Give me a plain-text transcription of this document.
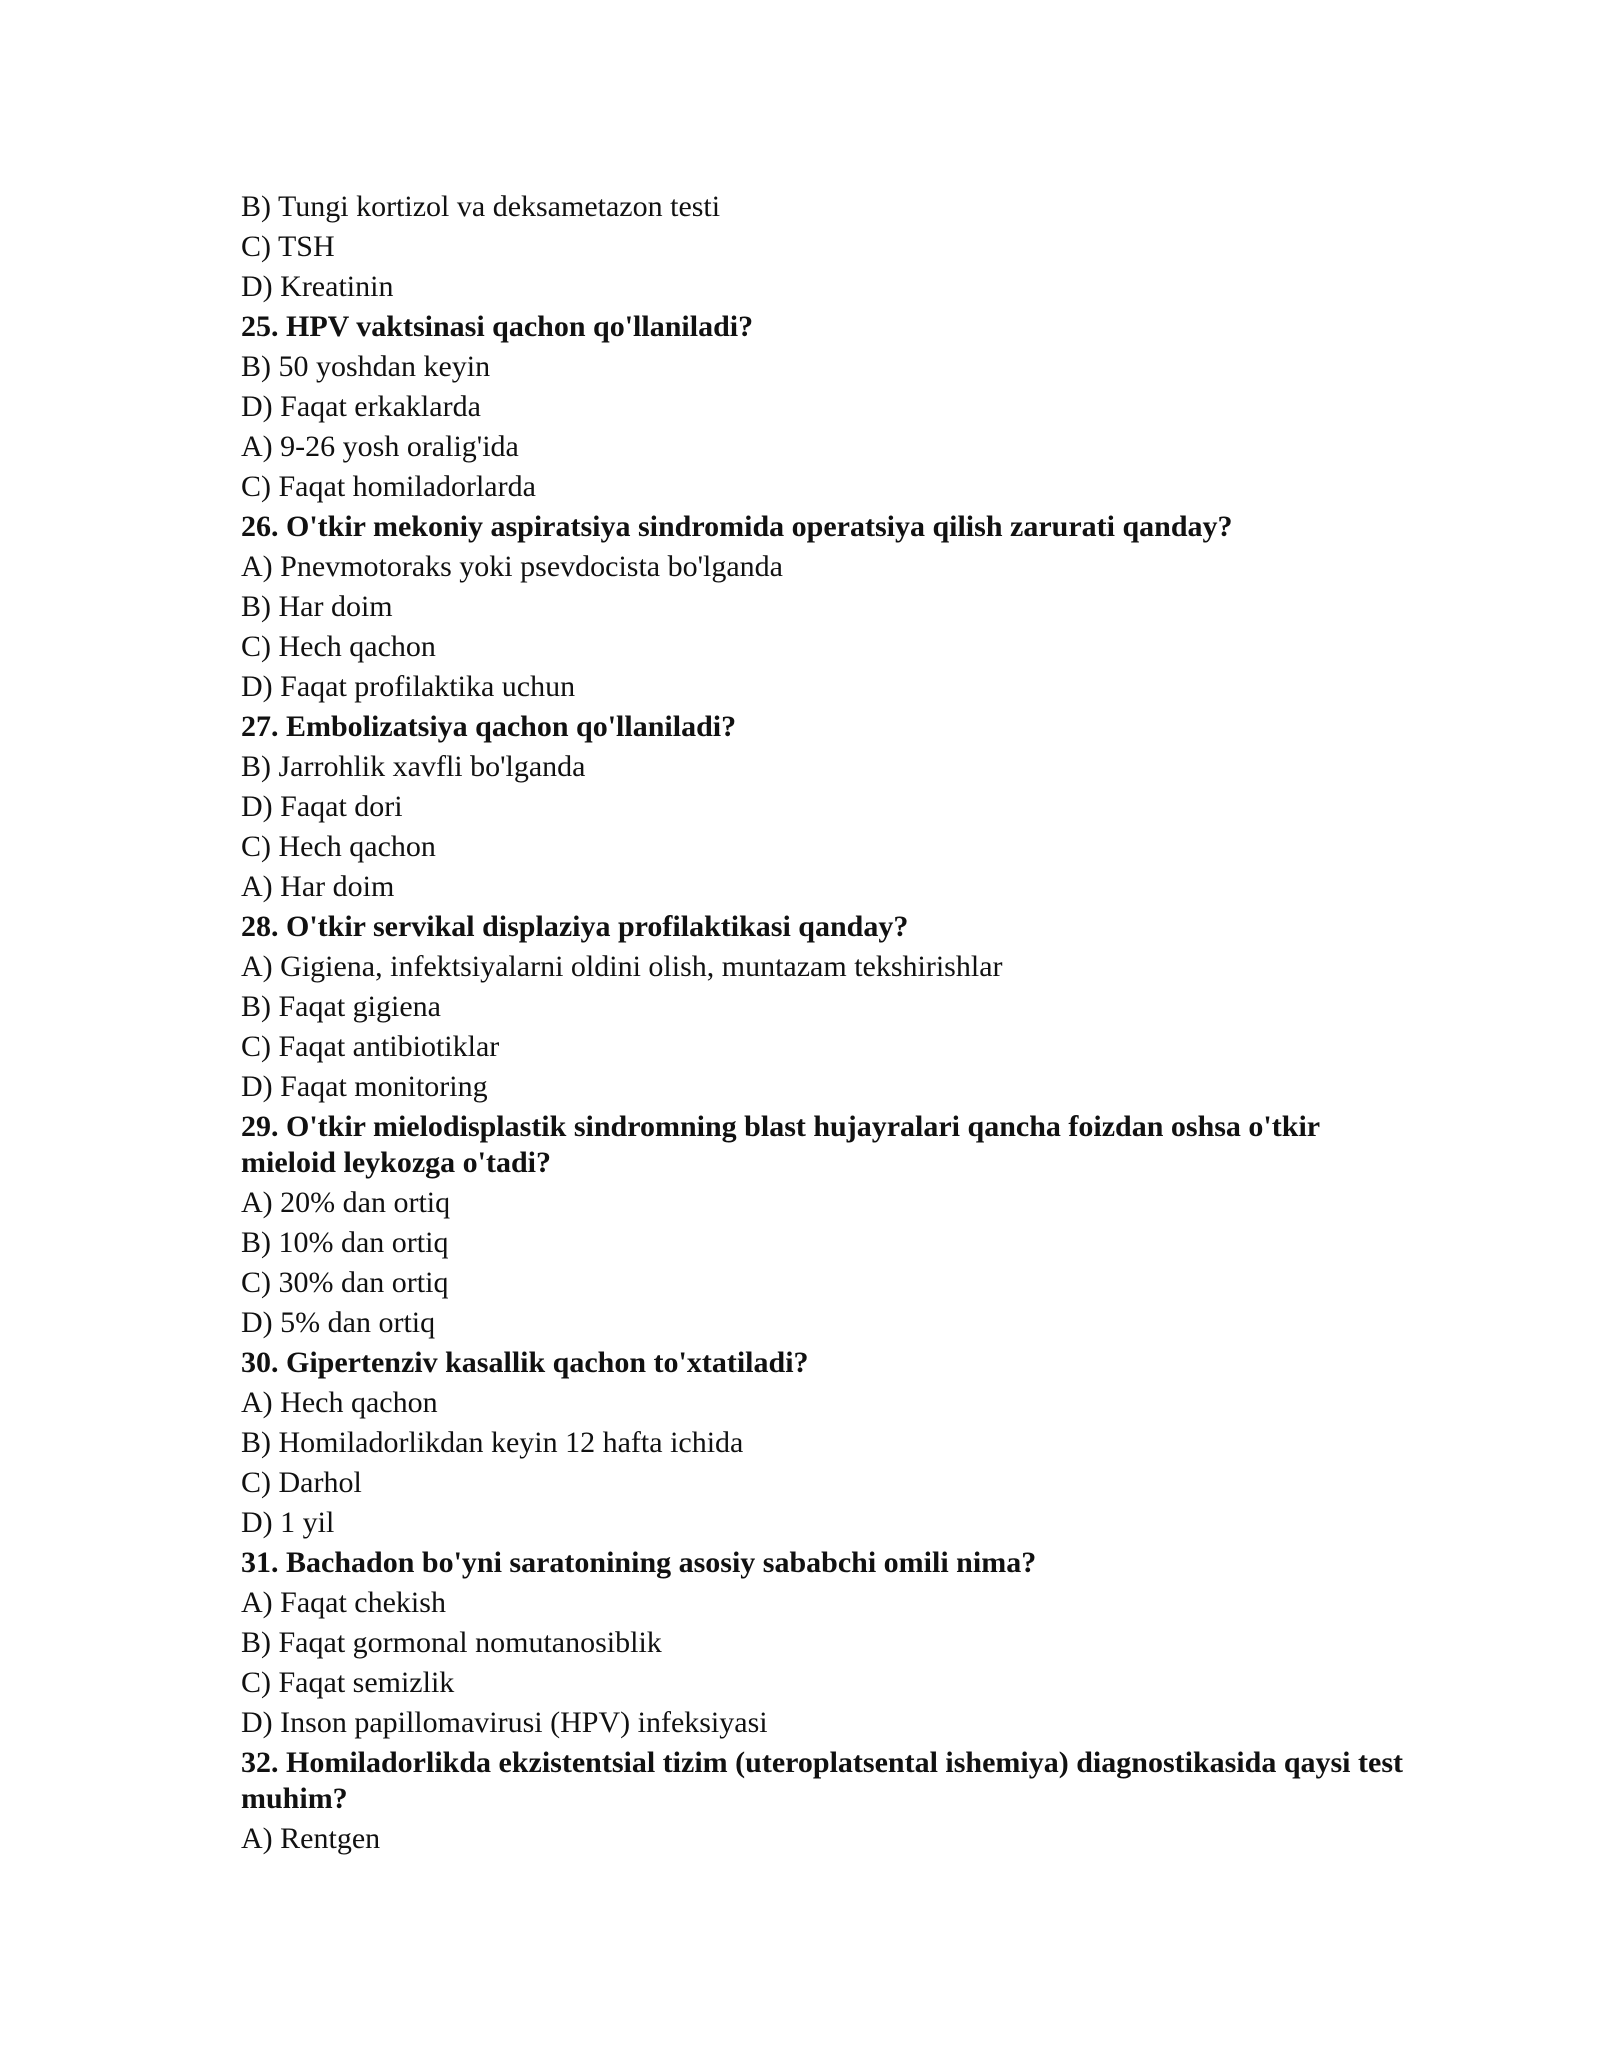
B) Tungi kortizol va deksametazon testi
C) TSH
D) Kreatinin
25. HPV vaktsinasi qachon qo'llaniladi?
B) 50 yoshdan keyin
D) Faqat erkaklarda
A) 9-26 yosh oralig'ida
C) Faqat homiladorlarda
26. O'tkir mekoniy aspiratsiya sindromida operatsiya qilish zarurati qanday?
A) Pnevmotoraks yoki psevdocista bo'lganda
B) Har doim
C) Hech qachon
D) Faqat profilaktika uchun
27. Embolizatsiya qachon qo'llaniladi?
B) Jarrohlik xavfli bo'lganda
D) Faqat dori
C) Hech qachon
A) Har doim
28. O'tkir servikal displaziya profilaktikasi qanday?
A) Gigiena, infektsiyalarni oldini olish, muntazam tekshirishlar
B) Faqat gigiena
C) Faqat antibiotiklar
D) Faqat monitoring
29. O'tkir mielodisplastik sindromning blast hujayralari qancha foizdan oshsa o'tkir mieloid leykozga o'tadi?
A) 20% dan ortiq
B) 10% dan ortiq
C) 30% dan ortiq
D) 5% dan ortiq
30. Gipertenziv kasallik qachon to'xtatiladi?
A) Hech qachon
B) Homiladorlikdan keyin 12 hafta ichida
C) Darhol
D) 1 yil
31. Bachadon bo'yni saratonining asosiy sababchi omili nima?
A) Faqat chekish
B) Faqat gormonal nomutanosiblik
C) Faqat semizlik
D) Inson papillomavirusi (HPV) infeksiyasi
32. Homiladorlikda ekzistentsial tizim (uteroplatsental ishemiya) diagnostikasida qaysi test muhim?
A) Rentgen
